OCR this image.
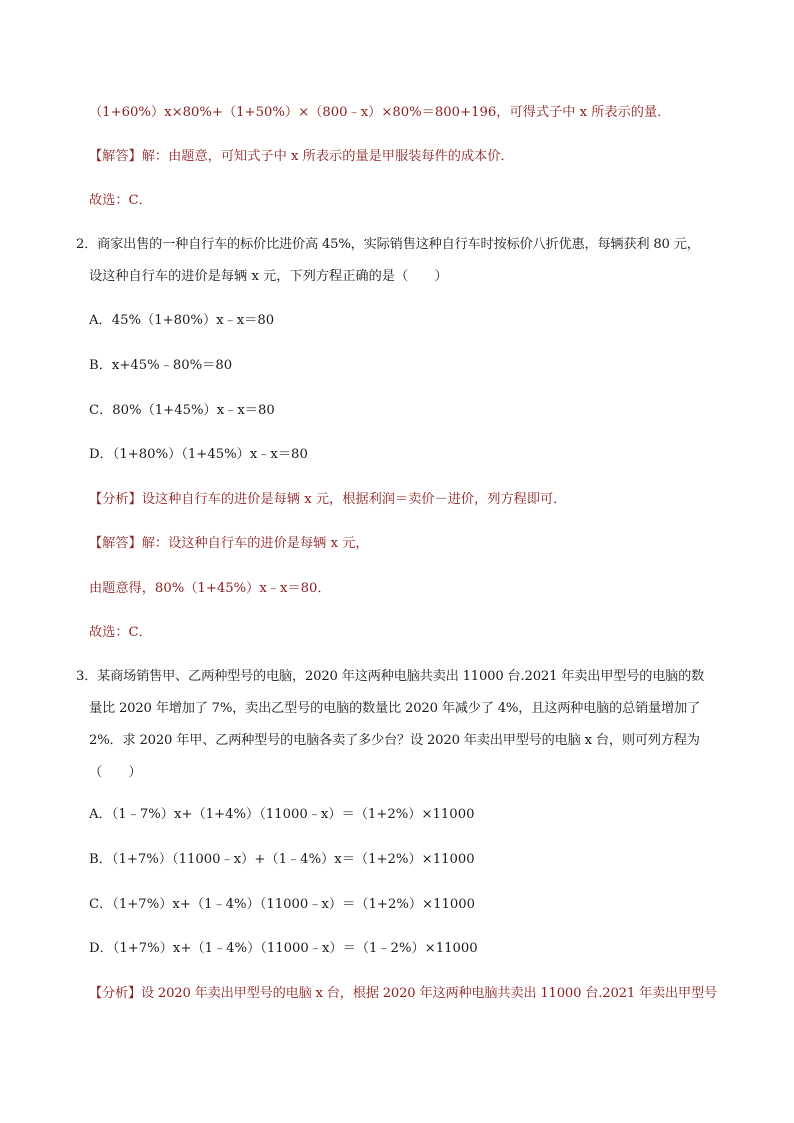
（1+60%）x×80%+（1+50%）×（800﹣x）×80%＝800+196，可得式子中 x 所表示的量．
【解答】解：由题意，可知式子中 x 所表示的量是甲服装每件的成本价．
故选：C．
2．商家出售的一种自行车的标价比进价高 45%，实际销售这种自行车时按标价八折优惠，每辆获利 80 元，
设这种自行车的进价是每辆 x 元，下列方程正确的是（　　）
A．45%（1+80%）x﹣x＝80
B．x+45%﹣80%＝80
C．80%（1+45%）x﹣x＝80
D．（1+80%）（1+45%）x﹣x＝80
【分析】设这种自行车的进价是每辆 x 元，根据利润＝卖价－进价，列方程即可．
【解答】解：设这种自行车的进价是每辆 x 元，
由题意得，80%（1+45%）x﹣x＝80．
故选：C．
3．某商场销售甲、乙两种型号的电脑，2020 年这两种电脑共卖出 11000 台.2021 年卖出甲型号的电脑的数
量比 2020 年增加了 7%，卖出乙型号的电脑的数量比 2020 年减少了 4%，且这两种电脑的总销量增加了
2%．求 2020 年甲、乙两种型号的电脑各卖了多少台？设 2020 年卖出甲型号的电脑 x 台，则可列方程为
（　　）
A．（1﹣7%）x+（1+4%）（11000﹣x）＝（1+2%）×11000
B．（1+7%）（11000﹣x）+（1﹣4%）x＝（1+2%）×11000
C．（1+7%）x+（1﹣4%）（11000﹣x）＝（1+2%）×11000
D．（1+7%）x+（1﹣4%）（11000﹣x）＝（1﹣2%）×11000
【分析】设 2020 年卖出甲型号的电脑 x 台，根据 2020 年这两种电脑共卖出 11000 台.2021 年卖出甲型号
